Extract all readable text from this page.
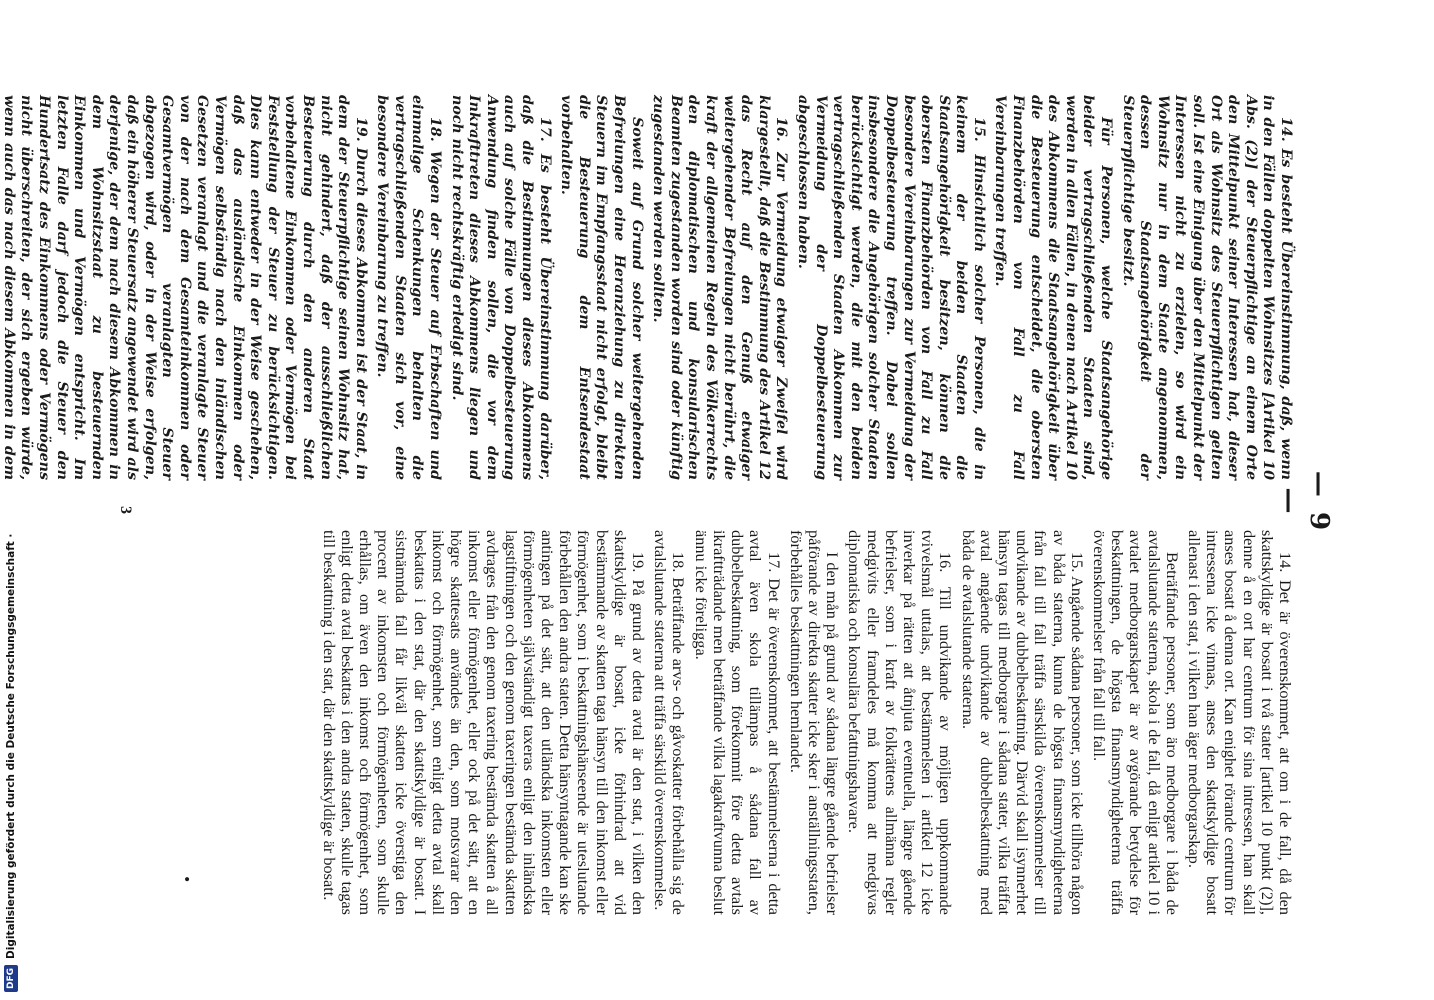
— 9 —

14. Es besteht Übereinstimmung, daß, wenn in den Fällen doppelten Wohnsitzes [Artikel 10 Abs. (2)] der Steuerpflichtige an einem Orte den Mittelpunkt seiner Interessen hat, dieser Ort als Wohnsitz des Steuerpflichtigen gelten soll. Ist eine Einigung über den Mittelpunkt der Interessen nicht zu erzielen, so wird ein Wohnsitz nur in dem Staate angenommen, dessen Staatsangehörigkeit der Steuerpflichtige besitzt.

Für Personen, welche Staatsangehörige beider vertragschließenden Staaten sind, werden in allen Fällen, in denen nach Artikel 10 des Abkommens die Staatsangehörigkeit über die Besteuerung entscheidet, die obersten Finanzbehörden von Fall zu Fall Vereinbarungen treffen.

15. Hinsichtlich solcher Personen, die in keinem der beiden Staaten die Staatsangehörigkeit besitzen, können die obersten Finanzbehörden von Fall zu Fall besondere Vereinbarungen zur Vermeidung der Doppelbesteuerung treffen. Dabei sollen insbesondere die Angehörigen solcher Staaten berücksichtigt werden, die mit den beiden vertragschließenden Staaten Abkommen zur Vermeidung der Doppelbesteuerung abgeschlossen haben.

16. Zur Vermeidung etwaiger Zweifel wird klargestellt, daß die Bestimmung des Artikel 12 das Recht auf den Genuß etwaiger weitergehender Befreiungen nicht berührt, die kraft der allgemeinen Regeln des Völkerrechts den diplomatischen und konsularischen Beamten zugestanden worden sind oder künftig zugestanden werden sollten.

Soweit auf Grund solcher weitergehenden Befreiungen eine Heranziehung zu direkten Steuern im Empfangsstaat nicht erfolgt, bleibt die Besteuerung dem Entsendestaat vorbehalten.

17. Es besteht Übereinstimmung darüber, daß die Bestimmungen dieses Abkommens auch auf solche Fälle von Doppelbesteuerung Anwendung finden sollen, die vor dem Inkrafttreten dieses Abkommens liegen und noch nicht rechtskräftig erledigt sind.

18. Wegen der Steuer auf Erbschaften und einmalige Schenkungen behalten die vertragschließenden Staaten sich vor, eine besondere Vereinbarung zu treffen.

19. Durch dieses Abkommen ist der Staat, in dem der Steuerpflichtige seinen Wohnsitz hat, nicht gehindert, daß der ausschließlichen Besteuerung durch den anderen Staat vorbehaltene Einkommen oder Vermögen bei Feststellung der Steuer zu berücksichtigen. Dies kann entweder in der Weise geschehen, daß das ausländische Einkommen oder Vermögen selbständig nach den inländischen Gesetzen veranlagt und die veranlagte Steuer von der nach dem Gesamteinkommen oder Gesamtvermögen veranlagten Steuer abgezogen wird, oder in der Weise erfolgen, daß ein höherer Steuersatz angewendet wird als derjenige, der dem nach diesem Abkommen in dem Wohnsitzstaat zu besteuernden Einkommen und Vermögen entspricht. Im letzten Falle darf jedoch die Steuer den Hundertsatz des Einkommens oder Vermögens nicht überschreiten, der sich ergeben würde, wenn auch das nach diesem Abkommen in dem

14. Det är överenskommet, att om i de fall, då den skattskyldige är bosatt i två stater [artikel 10 punkt (2)], denne å en ort har centrum för sina intressen, han skall anses bosatt å denna ort. Kan enighet rörande centrum för intressena icke vinnas, anses den skattskyldige bosatt allenast i den stat, i vilken han äger medborgarskap.

Beträffande personer, som äro medborgare i båda de avtalslutande staterna, skola i de fall, då enligt artikel 10 i avtalet medborgarskapet är av avgörande betydelse för beskattningen, de högsta finansmyndigheterna träffa överenskommelser från fall till fall.

15. Angående sådana personer, som icke tillhöra någon av båda staterna, kunna de högsta finansmyndigheterna från fall till fall träffa särskilda överenskommelser till undvikande av dubbelbeskattning. Därvid skall isynnerhet hänsyn tagas till medborgare i sådana stater, vilka träffat avtal angående undvikande av dubbelbeskattning med båda de avtalslutande staterna.

16. Till undvikande av möjligen uppkommande tvivelsmål uttalas, att bestämmelsen i artikel 12 icke inverkar på rätten att åtnjuta eventuella, längre gående befrielser, som i kraft av folkrättens allmänna regler medgivits eller framdeles må komma att medgivas diplomatiska och konsulära befattningshavare.

I den mån på grund av sådana längre gående befrielser påförande av direkta skatter icke sker i anställningsstaten, förbehålles beskattningen hemlandet.

17. Det är överenskommet, att bestämmelserna i detta avtal även skola tillämpas å sådana fall av dubbelbeskattning, som förekommit före detta avtals ikraftträdande men beträffande vilka lagakraftvunna beslut ännu icke föreligga.

18. Beträffande arvs- och gåvoskatter förbehålla sig de avtalslutande staterna att träffa särskild överenskommelse.

19. På grund av detta avtal är den stat, i vilken den skattskyldige är bosatt, icke förhindrad att vid bestämmande av skatten taga hänsyn till den inkomst eller förmögenhet, som i beskattningshänseende är uteslutande förbehållen den andra staten. Detta hänsyntagande kan ske antingen på det sätt, att den utländska inkomsten eller förmögenheten självständigt taxeras enligt den inländska lagstiftningen och den genom taxeringen bestämda skatten avdrages från den genom taxering bestämda skatten å all inkomst eller förmögenhet, eller ock på det sätt, att en högre skattesats användes än den, som motsvarar den inkomst och förmögenhet, som enligt detta avtal skall beskattas i den stat, där den skattskyldige är bosatt. I sistnämnda fall får likväl skatten icke överstiga den procent av inkomsten och förmögenheten, som skulle erhållas, om även den inkomst och förmögenhet, som enligt detta avtal beskattas i den andra staten, skulle tagas till beskattning i den stat, där den skattskyldige är bosatt.

•
3
DFG
Digitalisierung gefördert durch die Deutsche Forschungsgemeinschaft ·
